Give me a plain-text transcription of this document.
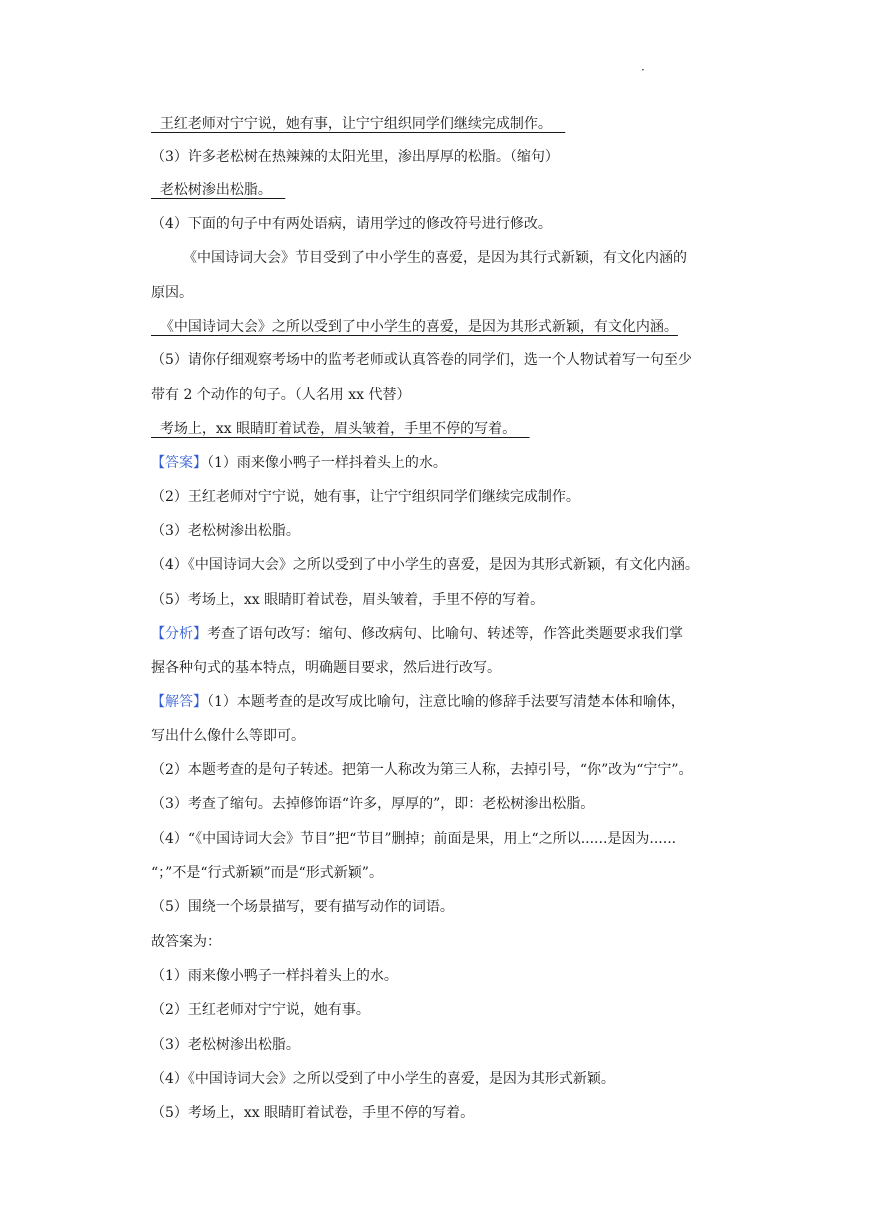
·
王红老师对宁宁说，她有事，让宁宁组织同学们继续完成制作。
（3）许多老松树在热辣辣的太阳光里，渗出厚厚的松脂。（缩句）
老松树渗出松脂。
（4）下面的句子中有两处语病，请用学过的修改符号进行修改。
《中国诗词大会》节目受到了中小学生的喜爱，是因为其行式新颖，有文化内涵的
原因。
《中国诗词大会》之所以受到了中小学生的喜爱，是因为其形式新颖，有文化内涵。
（5）请你仔细观察考场中的监考老师或认真答卷的同学们，选一个人物试着写一句至少
带有 2 个动作的句子。（人名用 xx 代替）
考场上，xx 眼睛盯着试卷，眉头皱着，手里不停的写着。
【答案】（1）雨来像小鸭子一样抖着头上的水。
（2）王红老师对宁宁说，她有事，让宁宁组织同学们继续完成制作。
（3）老松树渗出松脂。
（4）《中国诗词大会》之所以受到了中小学生的喜爱，是因为其形式新颖，有文化内涵。
（5）考场上，xx 眼睛盯着试卷，眉头皱着，手里不停的写着。
【分析】考查了语句改写：缩句、修改病句、比喻句、转述等，作答此类题要求我们掌
握各种句式的基本特点，明确题目要求，然后进行改写。
【解答】（1）本题考查的是改写成比喻句，注意比喻的修辞手法要写清楚本体和喻体，
写出什么像什么等即可。
（2）本题考查的是句子转述。把第一人称改为第三人称，去掉引号，“你”改为“宁宁”。
（3）考查了缩句。去掉修饰语“许多，厚厚的”，即：老松树渗出松脂。
（4）“《中国诗词大会》节目”把“节目”删掉；前面是果，用上“之所以......是因为......
“；”不是“行式新颖”而是“形式新颖”。
（5）围绕一个场景描写，要有描写动作的词语。
故答案为：
（1）雨来像小鸭子一样抖着头上的水。
（2）王红老师对宁宁说，她有事。
（3）老松树渗出松脂。
（4）《中国诗词大会》之所以受到了中小学生的喜爱，是因为其形式新颖。
（5）考场上，xx 眼睛盯着试卷，手里不停的写着。
